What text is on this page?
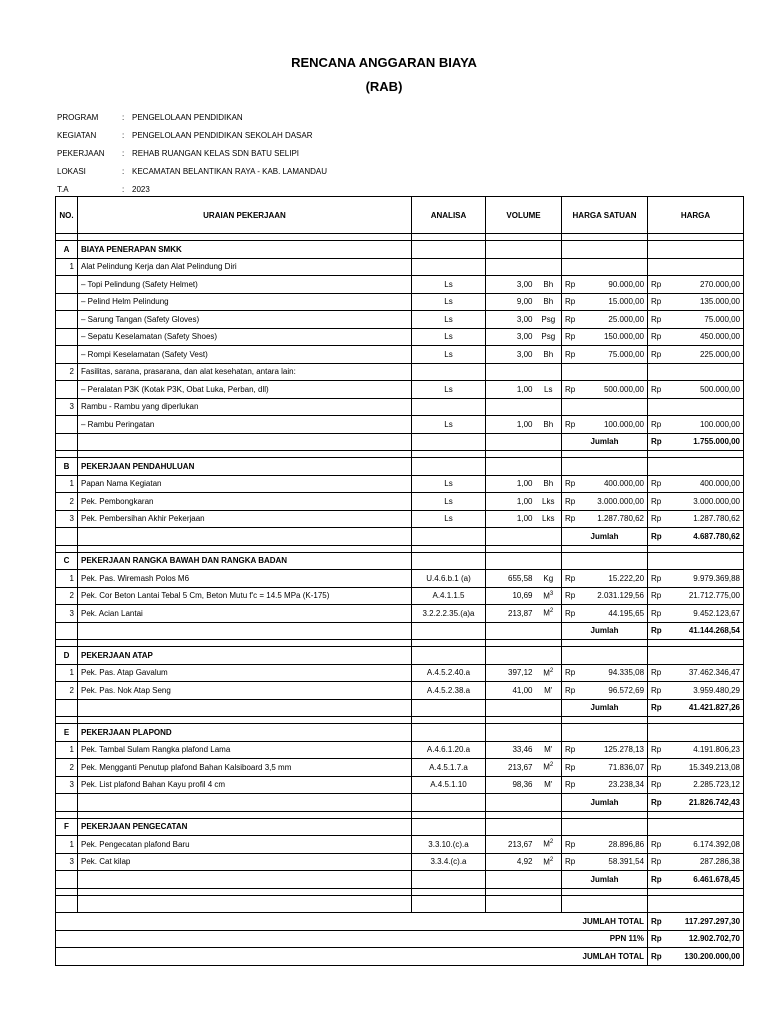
RENCANA ANGGARAN BIAYA
(RAB)
PROGRAM	: PENGELOLAAN PENDIDIKAN
KEGIATAN	: PENGELOLAAN PENDIDIKAN SEKOLAH DASAR
PEKERJAAN	: REHAB RUANGAN KELAS SDN BATU SELIPI
LOKASI	: KECAMATAN BELANTIKAN RAYA - KAB. LAMANDAU
T.A	: 2023
NO.	URAIAN PEKERJAAN	ANALISA	VOLUME		HARGA SATUAN		HARGA	

A	BIAYA PENERAPAN SMKK							
1	Alat Pelindung Kerja dan Alat Pelindung Diri							
	– Topi Pelindung (Safety Helmet)	Ls	3,00	Bh	Rp	90.000,00	Rp	270.000,00
	– Pelind Helm Pelindung	Ls	9,00	Bh	Rp	15.000,00	Rp	135.000,00
	– Sarung Tangan (Safety Gloves)	Ls	3,00	Psg	Rp	25.000,00	Rp	75.000,00
	– Sepatu Keselamatan (Safety Shoes)	Ls	3,00	Psg	Rp	150.000,00	Rp	450.000,00
	– Rompi Keselamatan (Safety Vest)	Ls	3,00	Bh	Rp	75.000,00	Rp	225.000,00
2	Fasilitas, sarana, prasarana, dan alat kesehatan, antara lain:							
	– Peralatan P3K (Kotak P3K, Obat Luka, Perban, dll)	Ls	1,00	Ls	Rp	500.000,00	Rp	500.000,00
3	Rambu - Rambu yang diperlukan							
	– Rambu Peringatan	Ls	1,00	Bh	Rp	100.000,00	Rp	100.000,00
					Jumlah		Rp	1.755.000,00

B	PEKERJAAN PENDAHULUAN							
1	Papan Nama Kegiatan	Ls	1,00	Bh	Rp	400.000,00	Rp	400.000,00
2	Pek. Pembongkaran	Ls	1,00	Lks	Rp	3.000.000,00	Rp	3.000.000,00
3	Pek. Pembersihan Akhir Pekerjaan	Ls	1,00	Lks	Rp	1.287.780,62	Rp	1.287.780,62
					Jumlah		Rp	4.687.780,62

C	PEKERJAAN RANGKA BAWAH DAN RANGKA BADAN							
1	Pek. Pas. Wiremash Polos M6	U.4.6.b.1 (a)	655,58	Kg	Rp	15.222,20	Rp	9.979.369,88
2	Pek. Cor Beton Lantai Tebal 5 Cm, Beton Mutu f'c = 14.5 MPa (K-175)	A.4.1.1.5	10,69	$M^3$	Rp	2.031.129,56	Rp	21.712.775,00
3	Pek. Acian Lantai	3.2.2.2.35.(a)a	213,87	$M^2$	Rp	44.195,65	Rp	9.452.123,67
					Jumlah		Rp	41.144.268,54

D	PEKERJAAN ATAP							
1	Pek. Pas. Atap Gavalum	A.4.5.2.40.a	397,12	$M^2$	Rp	94.335,08	Rp	37.462.346,47
2	Pek. Pas. Nok Atap Seng	A.4.5.2.38.a	41,00	M'	Rp	96.572,69	Rp	3.959.480,29
					Jumlah		Rp	41.421.827,26

E	PEKERJAAN PLAPOND							
1	Pek. Tambal Sulam Rangka plafond Lama	A.4.6.1.20.a	33,46	M'	Rp	125.278,13	Rp	4.191.806,23
2	Pek. Mengganti Penutup plafond Bahan Kalsiboard 3,5 mm	A.4.5.1.7.a	213,67	$M^2$	Rp	71.836,07	Rp	15.349.213,08
3	Pek. List plafond Bahan Kayu profil 4 cm	A.4.5.1.10	98,36	M'	Rp	23.238,34	Rp	2.285.723,12
					Jumlah		Rp	21.826.742,43

F	PEKERJAAN PENGECATAN							
1	Pek. Pengecatan plafond Baru	3.3.10.(c).a	213,67	$M^2$	Rp	28.896,86	Rp	6.174.392,08
3	Pek. Cat kilap	3.3.4.(c).a	4,92	$M^2$	Rp	58.391,54	Rp	287.286,38
					Jumlah		Rp	6.461.678,45

JUMLAH TOTAL							Rp	117.297.297,30
PPN 11%							Rp	12.902.702,70
JUMLAH TOTAL							Rp	130.200.000,00
